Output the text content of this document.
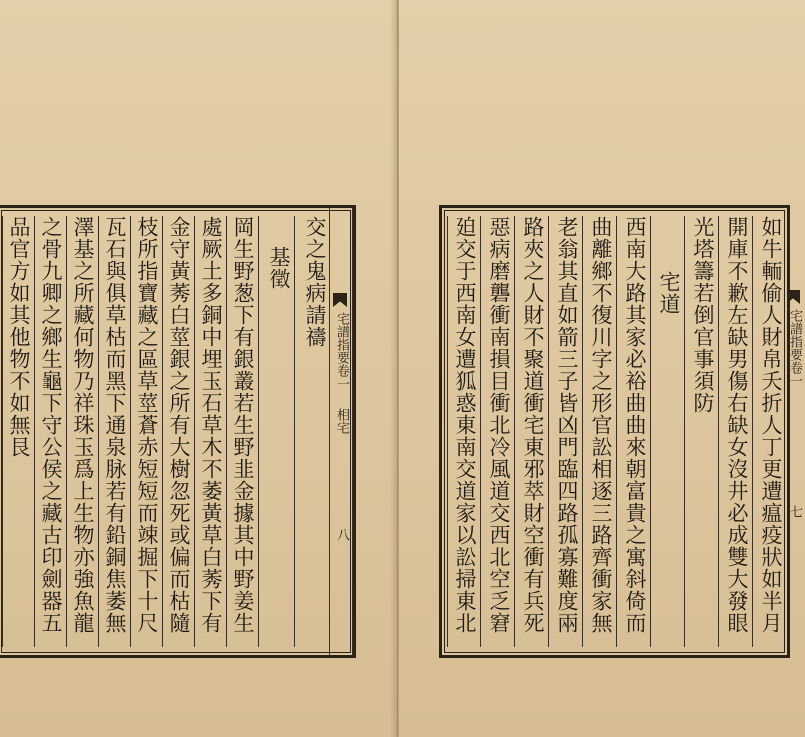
宅譜指要卷一
相宅
八
交之鬼病請禱
基徵
岡生野葱下有銀叢若生野韭金據其中野姜生
處厥土多銅中埋玉石草木不萎黃草白莠下有
金守黃莠白莖銀之所有大樹忽死或偏而枯隨
枝所指寶藏之區草莖蒼赤短短而竦掘下十尺
瓦石與俱草枯而黑下通泉脉若有鉛銅焦萎無
澤基之所藏何物乃祥珠玉爲上生物亦強魚龍
之骨九卿之鄉生龜下守公侯之藏古印劍器五
品官方如其他物不如無艮	宅譜指要卷一
七
如牛輀偷人財帛夭折人丁更遭瘟疫狀如半月
開庫不歉左缺男傷右缺女沒井必成雙大發眼
光塔籌若倒官事須防
宅道
西南大路其家必裕曲曲來朝富貴之寓斜倚而
曲離鄉不復川字之形官訟相逐三路齊衝家無
老翁其直如箭三子皆凶門臨四路孤寡難度兩
路夾之人財不聚道衝宅東邪萃財空衝有兵死
惡病磨礱衝南損目衝北冷風道交西北空乏窘
廹交于西南女遭狐惑東南交道家以訟掃東北
